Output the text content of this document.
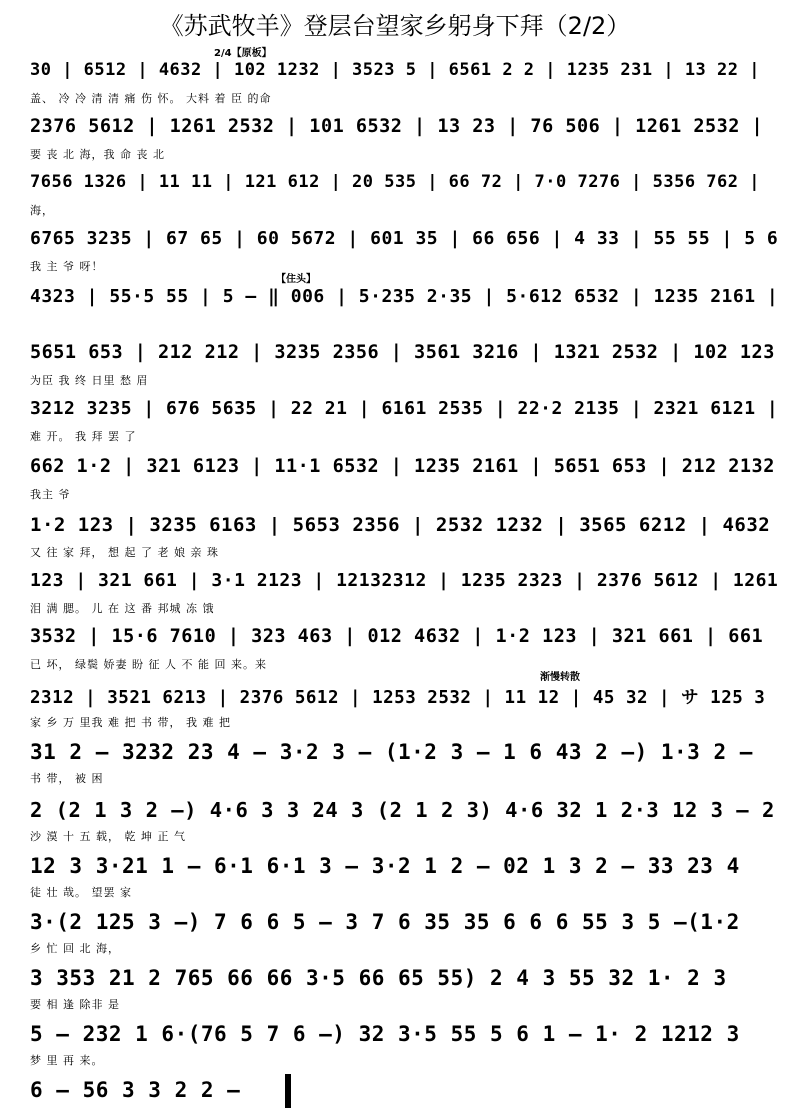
《苏武牧羊》登层台望家乡躬身下拜（2/2）
2/4【原板】
30 | 6512 | 4632 | 102 1232 | 3523 5 | 6561 2 2 | 1235 231 | 13 22 |
盖、 冷 冷 清 清 痛 伤 怀。 大料 着 臣 的命
2376 5612 | 1261 2532 | 101 6532 | 13 23 | 76 506 | 1261 2532 |
要 丧 北 海，我 命 丧 北
7656 1326 | 11 11 | 121 612 | 20 535 | 66 72 | 7·0 7276 | 5356 762 |
海，
6765 3235 | 67 65 | 60 5672 | 601 35 | 66 656 | 4 33 | 55 55 | 5 6
我 主 爷 呀！
【住头】
4323 | 55·5 55 | 5 – ‖ 006 | 5·235 2·35 | 5·612 6532 | 1235 2161 |
5651 653 | 212 212 | 3235 2356 | 3561 3216 | 1321 2532 | 102 123
为臣 我 终 日里 愁 眉
3212 3235 | 676 5635 | 22 21 | 6161 2535 | 22·2 2135 | 2321 6121 |
难 开。 我 拜 罢 了
662 1·2 | 321 6123 | 11·1 6532 | 1235 2161 | 5651 653 | 212 2132
我主 爷
1·2 123 | 3235 6163 | 5653 2356 | 2532 1232 | 3565 6212 | 4632
又 往 家 拜， 想 起 了 老 娘 亲 珠
123 | 321 661 | 3·1 2123 | 12132312 | 1235 2323 | 2376 5612 | 1261
泪 满 腮。 儿 在 这 番 邦城 冻 饿
3532 | 15·6 7610 | 323 463 | 012 4632 | 1·2 123 | 321 661 | 661
已 坏， 绿鬓 娇妻 盼 征 人 不 能 回 来。来
渐慢转散
2312 | 3521 6213 | 2376 5612 | 1253 2532 | 11 12 | 45 32 | サ 125 3
家 乡 万 里我 难 把 书 带， 我 难 把
31 2 – 3232 23 4 – 3·2 3 – (1·2 3 – 1 6 43 2 –) 1·3 2 –
书 带， 被 困
2 (2 1 3 2 –) 4·6 3 3 24 3 (2 1 2 3) 4·6 32 1 2·3 12 3 – 2
沙 漠 十 五 载， 乾 坤 正 气
12 3 3·21 1 – 6·1 6·1 3 – 3·2 1 2 – 02 1 3 2 – 33 23 4
徒 壮 哉。 望罢 家
3·(2 125 3 –) 7 6 6 5 – 3 7 6 35 35 6 6 6 55 3 5 –(1·2
乡 忙 回 北 海，
3 353 21 2 765 66 66 3·5 66 65 55) 2 4 3 55 32 1· 2 3
要 相 逢 除非 是
5 – 232 1 6·(76 5 7 6 –) 32 3·5 55 5 6 1 – 1· 2 1212 3
梦 里 再 来。
6 – 56 3 3 2 2 –
